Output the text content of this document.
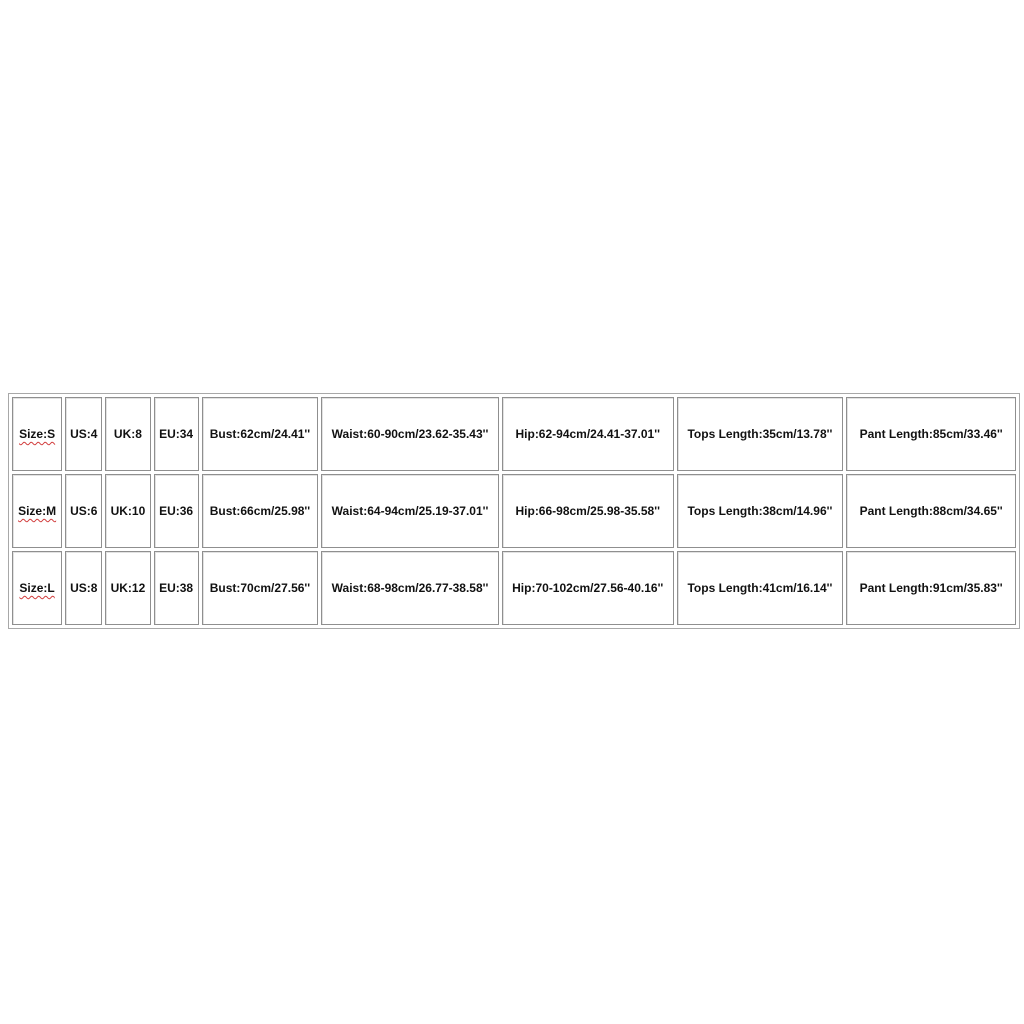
Size:S	US:4	UK:8	EU:34	Bust:62cm/24.41''	Waist:60-90cm/23.62-35.43''	Hip:62-94cm/24.41-37.01''	Tops Length:35cm/13.78''	Pant Length:85cm/33.46''
Size:M	US:6	UK:10	EU:36	Bust:66cm/25.98''	Waist:64-94cm/25.19-37.01''	Hip:66-98cm/25.98-35.58''	Tops Length:38cm/14.96''	Pant Length:88cm/34.65''
Size:L	US:8	UK:12	EU:38	Bust:70cm/27.56''	Waist:68-98cm/26.77-38.58''	Hip:70-102cm/27.56-40.16''	Tops Length:41cm/16.14''	Pant Length:91cm/35.83''
